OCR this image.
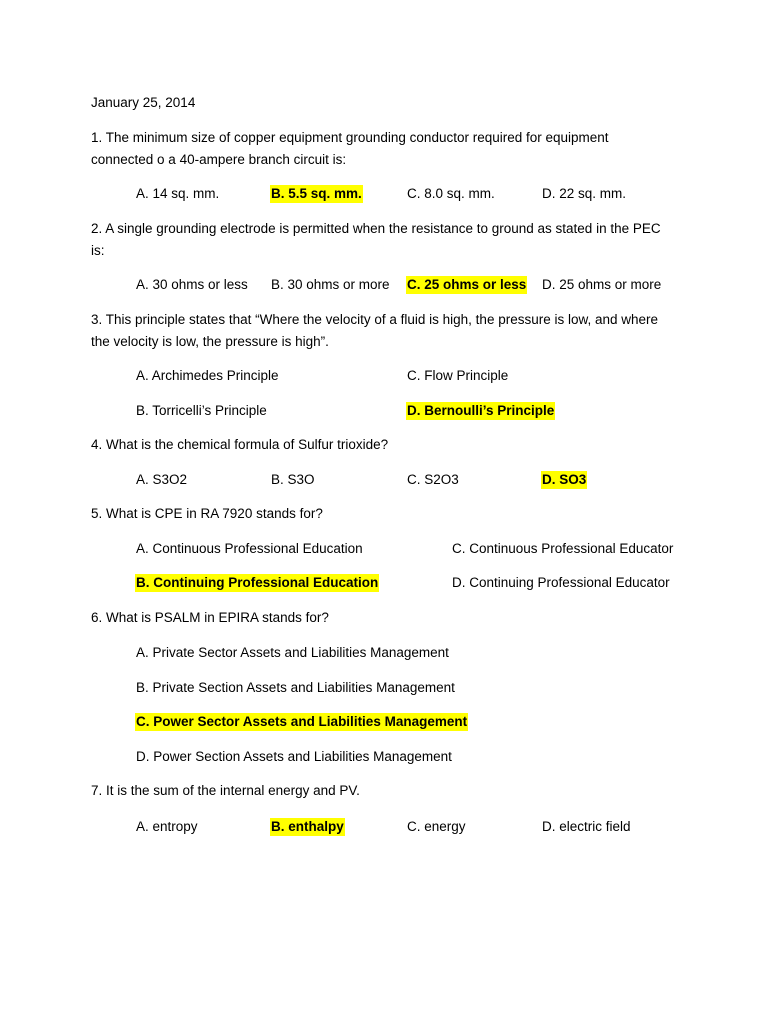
January 25, 2014
1. The minimum size of copper equipment grounding conductor required for equipment
connected o a 40-ampere branch circuit is:
A. 14 sq. mm.	B. 5.5 sq. mm.	C. 8.0 sq. mm.	D. 22 sq. mm.
2. A single grounding electrode is permitted when the resistance to ground as stated in the PEC
is:
A. 30 ohms or less B. 30 ohms or more C. 25 ohms or less D. 25 ohms or more
3. This principle states that “Where the velocity of a fluid is high, the pressure is low, and where
the velocity is low, the pressure is high”.
A. Archimedes Principle	C. Flow Principle
B. Torricelli’s Principle	D. Bernoulli’s Principle
4. What is the chemical formula of Sulfur trioxide?
A. S3O2	B. S3O	C. S2O3	D. SO3
5. What is CPE in RA 7920 stands for?
A. Continuous Professional Education	C. Continuous Professional Educator
B. Continuing Professional Education	D. Continuing Professional Educator
6. What is PSALM in EPIRA stands for?
A. Private Sector Assets and Liabilities Management
B. Private Section Assets and Liabilities Management
C. Power Sector Assets and Liabilities Management
D. Power Section Assets and Liabilities Management
7. It is the sum of the internal energy and PV.
A. entropy	B. enthalpy	C. energy	D. electric field
